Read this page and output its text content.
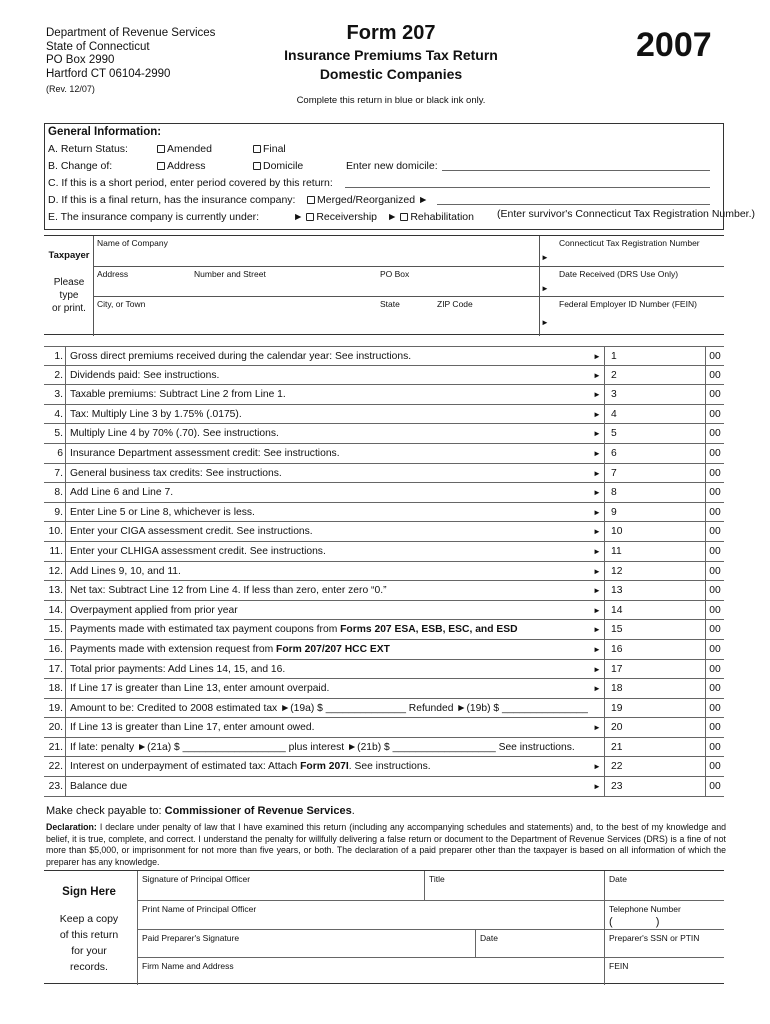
Department of Revenue Services
State of Connecticut
PO Box 2990
Hartford CT 06104-2990
(Rev. 12/07)
Form 207
Insurance Premiums Tax Return
Domestic Companies
Complete this return in blue or black ink only.
2007
General Information:
A. Return Status:	Amended	Final
B. Change of:	Address	Domicile	Enter new domicile:
C. If this is a short period, enter period covered by this return:
D. If this is a final return, has the insurance company:	Merged/Reorganized ►
(Enter survivor's Connecticut Tax Registration Number.)
E. The insurance company is currently under:	► Receivership ► Rehabilitation
Taxpayer
Please
type
or print.
Name of Company	Connecticut Tax Registration Number
►
Address	Number and Street	PO Box	Date Received (DRS Use Only)
►
City, or Town	State	ZIP Code	Federal Employer ID Number (FEIN)
►
1. Gross direct premiums received during the calendar year: See instructions.	► 1	00
2. Dividends paid: See instructions.	► 2	00
3. Taxable premiums: Subtract Line 2 from Line 1.	► 3	00
4. Tax: Multiply Line 3 by 1.75% (.0175).	► 4	00
5. Multiply Line 4 by 70% (.70). See instructions.	► 5	00
6 Insurance Department assessment credit: See instructions.	► 6	00
7. General business tax credits: See instructions.	► 7	00
8. Add Line 6 and Line 7.	► 8	00
9. Enter Line 5 or Line 8, whichever is less.	► 9	00
10. Enter your CIGA assessment credit. See instructions.	► 10	00
11. Enter your CLHIGA assessment credit. See instructions.	► 11	00
12. Add Lines 9, 10, and 11.	► 12	00
13. Net tax: Subtract Line 12 from Line 4. If less than zero, enter zero “0.”	► 13	00
14. Overpayment applied from prior year	► 14	00
15. Payments made with estimated tax payment coupons from Forms 207 ESA, ESB, ESC, and ESD	► 15	00
16. Payments made with extension request from Form 207/207 HCC EXT	► 16	00
17. Total prior payments: Add Lines 14, 15, and 16.	► 17	00
18. If Line 17 is greater than Line 13, enter amount overpaid.	► 18	00
19. Amount to be: Credited to 2008 estimated tax ►(19a) $ ______________ Refunded ►(19b) $ _______________	19	00
20. If Line 13 is greater than Line 17, enter amount owed.	► 20	00
21. If late: penalty ►(21a) $ __________________ plus interest ►(21b) $ __________________ See instructions.	21	00
22. Interest on underpayment of estimated tax: Attach Form 207I. See instructions.	► 22	00
23. Balance due	► 23	00
Make check payable to: Commissioner of Revenue Services.
Declaration: I declare under penalty of law that I have examined this return (including any accompanying schedules and statements) and, to the best of my knowledge and belief, it is true, complete, and correct. I understand the penalty for willfully delivering a false return or document to the Department of Revenue Services (DRS) is a fine of not more than $5,000, or imprisonment for not more than five years, or both. The declaration of a paid preparer other than the taxpayer is based on all information of which the preparer has any knowledge.
Sign Here
Keep a copy
of this return
for your
records.
Signature of Principal Officer	Title	Date
Print Name of Principal Officer	Telephone Number
( )
Paid Preparer's Signature	Date	Preparer's SSN or PTIN
Firm Name and Address	FEIN
